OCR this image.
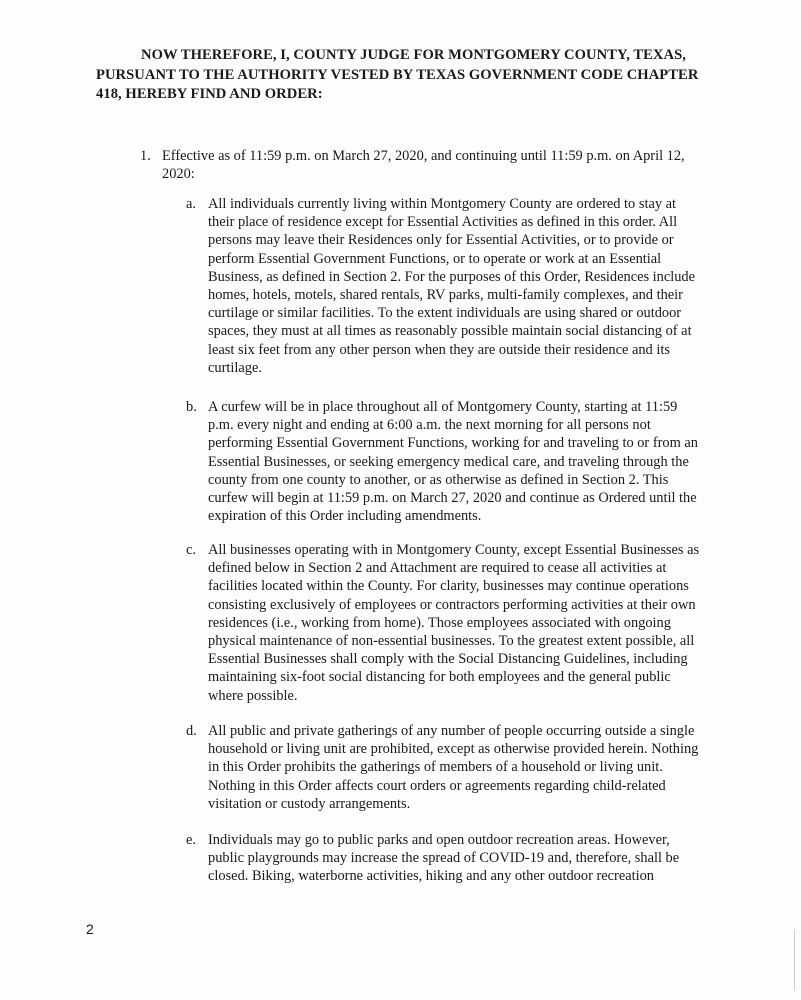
NOW THEREFORE, I, COUNTY JUDGE FOR MONTGOMERY COUNTY, TEXAS,
PURSUANT TO THE AUTHORITY VESTED BY TEXAS GOVERNMENT CODE CHAPTER
418, HEREBY FIND AND ORDER:
1. Effective as of 11:59 p.m. on March 27, 2020, and continuing until 11:59 p.m. on April 12,
2020:
a. All individuals currently living within Montgomery County are ordered to stay at
their place of residence except for Essential Activities as defined in this order. All
persons may leave their Residences only for Essential Activities, or to provide or
perform Essential Government Functions, or to operate or work at an Essential
Business, as defined in Section 2. For the purposes of this Order, Residences include
homes, hotels, motels, shared rentals, RV parks, multi-family complexes, and their
curtilage or similar facilities. To the extent individuals are using shared or outdoor
spaces, they must at all times as reasonably possible maintain social distancing of at
least six feet from any other person when they are outside their residence and its
curtilage.
b. A curfew will be in place throughout all of Montgomery County, starting at 11:59
p.m. every night and ending at 6:00 a.m. the next morning for all persons not
performing Essential Government Functions, working for and traveling to or from an
Essential Businesses, or seeking emergency medical care, and traveling through the
county from one county to another, or as otherwise as defined in Section 2. This
curfew will begin at 11:59 p.m. on March 27, 2020 and continue as Ordered until the
expiration of this Order including amendments.
c. All businesses operating with in Montgomery County, except Essential Businesses as
defined below in Section 2 and Attachment are required to cease all activities at
facilities located within the County. For clarity, businesses may continue operations
consisting exclusively of employees or contractors performing activities at their own
residences (i.e., working from home). Those employees associated with ongoing
physical maintenance of non-essential businesses. To the greatest extent possible, all
Essential Businesses shall comply with the Social Distancing Guidelines, including
maintaining six-foot social distancing for both employees and the general public
where possible.
d. All public and private gatherings of any number of people occurring outside a single
household or living unit are prohibited, except as otherwise provided herein. Nothing
in this Order prohibits the gatherings of members of a household or living unit.
Nothing in this Order affects court orders or agreements regarding child-related
visitation or custody arrangements.
e. Individuals may go to public parks and open outdoor recreation areas. However,
public playgrounds may increase the spread of COVID-19 and, therefore, shall be
closed. Biking, waterborne activities, hiking and any other outdoor recreation
2
